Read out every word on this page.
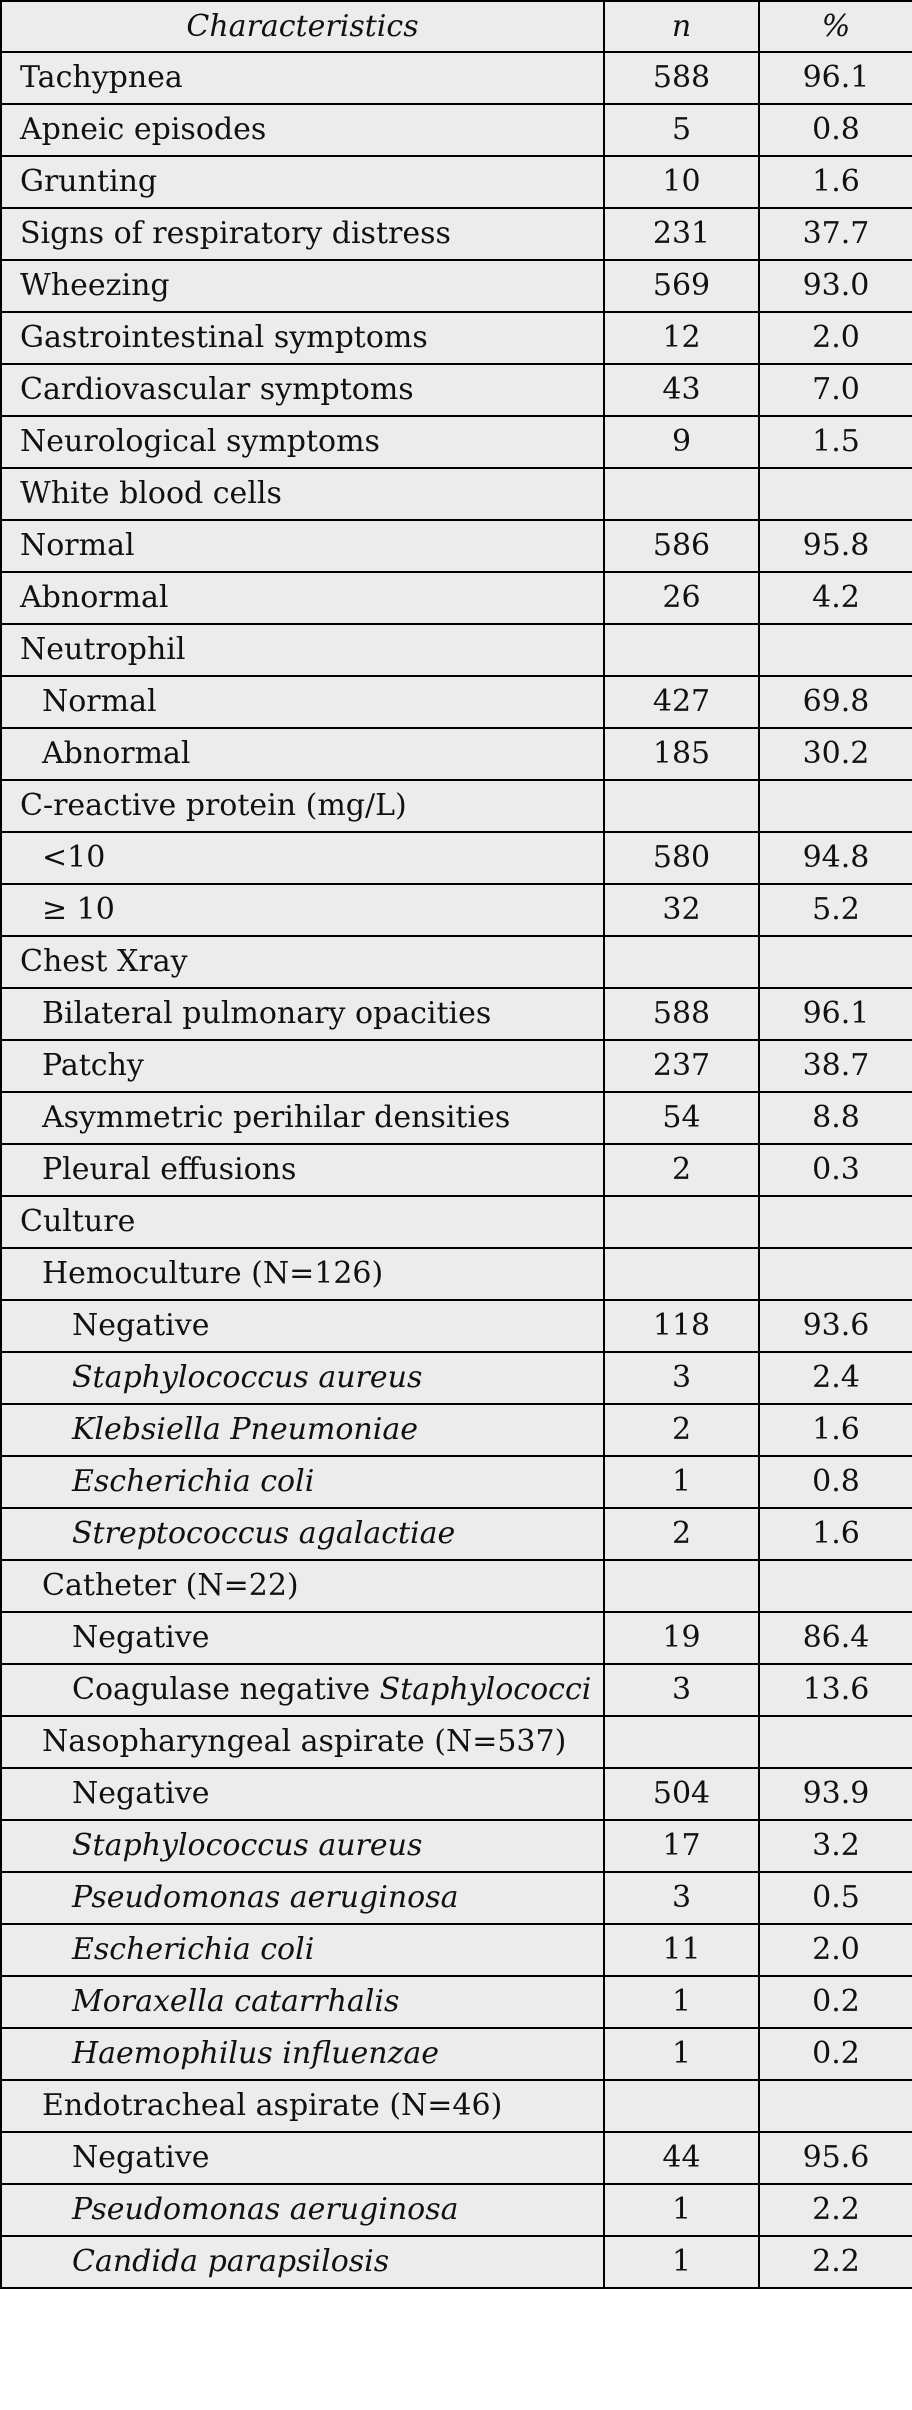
Characteristics	n	%
Tachypnea	588	96.1
Apneic episodes	5	0.8
Grunting	10	1.6
Signs of respiratory distress	231	37.7
Wheezing	569	93.0
Gastrointestinal symptoms	12	2.0
Cardiovascular symptoms	43	7.0
Neurological symptoms	9	1.5
White blood cells		
Normal	586	95.8
Abnormal	26	4.2
Neutrophil		
Normal	427	69.8
Abnormal	185	30.2
C-reactive protein (mg/L)		
<10	580	94.8
≥ 10	32	5.2
Chest Xray		
Bilateral pulmonary opacities	588	96.1
Patchy	237	38.7
Asymmetric perihilar densities	54	8.8
Pleural effusions	2	0.3
Culture		
Hemoculture (N=126)		
Negative	118	93.6
Staphylococcus aureus	3	2.4
Klebsiella Pneumoniae	2	1.6
Escherichia coli	1	0.8
Streptococcus agalactiae	2	1.6
Catheter (N=22)		
Negative	19	86.4
Coagulase negative Staphylococci	3	13.6
Nasopharyngeal aspirate (N=537)		
Negative	504	93.9
Staphylococcus aureus	17	3.2
Pseudomonas aeruginosa	3	0.5
Escherichia coli	11	2.0
Moraxella catarrhalis	1	0.2
Haemophilus influenzae	1	0.2
Endotracheal aspirate (N=46)		
Negative	44	95.6
Pseudomonas aeruginosa	1	2.2
Candida parapsilosis	1	2.2
